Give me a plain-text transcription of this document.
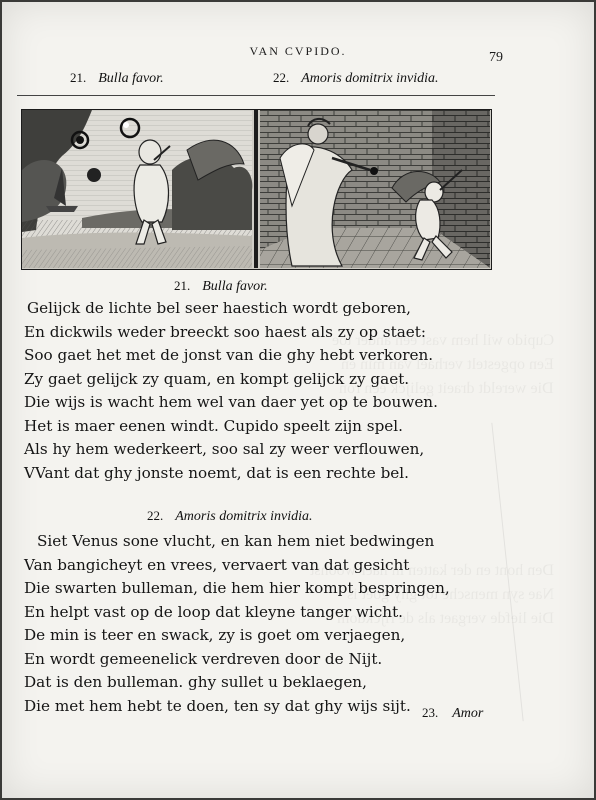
VAN CVPIDO.	79
21. Bulla favor.	22. Amoris domitrix invidia.
21. Bulla favor.
Gelijck de lichte bel seer haestich wordt geboren,
En dickwils weder breeckt soo haest als zy op staet:
Soo gaet het met de jonst van die ghy hebt verkoren.
Zy gaet gelijck zy quam, en kompt gelijck zy gaet.
Die wijs is wacht hem wel van daer yet op te bouwen.
Het is maer eenen windt. Cupido speelt zijn spel.
Als hy hem wederkeert, soo sal zy weer verflouwen,
VVant dat ghy jonste noemt, dat is een rechte bel.
22. Amoris domitrix invidia.
Siet Venus sone vlucht, en kan hem niet bedwingen
Van bangicheyt en vrees, vervaert van dat gesicht
Die swarten bulleman, die hem hier kompt bespringen,
En helpt vast op de loop dat kleyne tanger wicht.
De min is teer en swack, zy is goet om verjaegen,
En wordt gemeenelick verdreven door de Nijt.
Dat is den bulleman. ghy sullet u beklaegen,
Die met hem hebt te doen, ten sy dat ghy wijs sijt. 23. Amor
